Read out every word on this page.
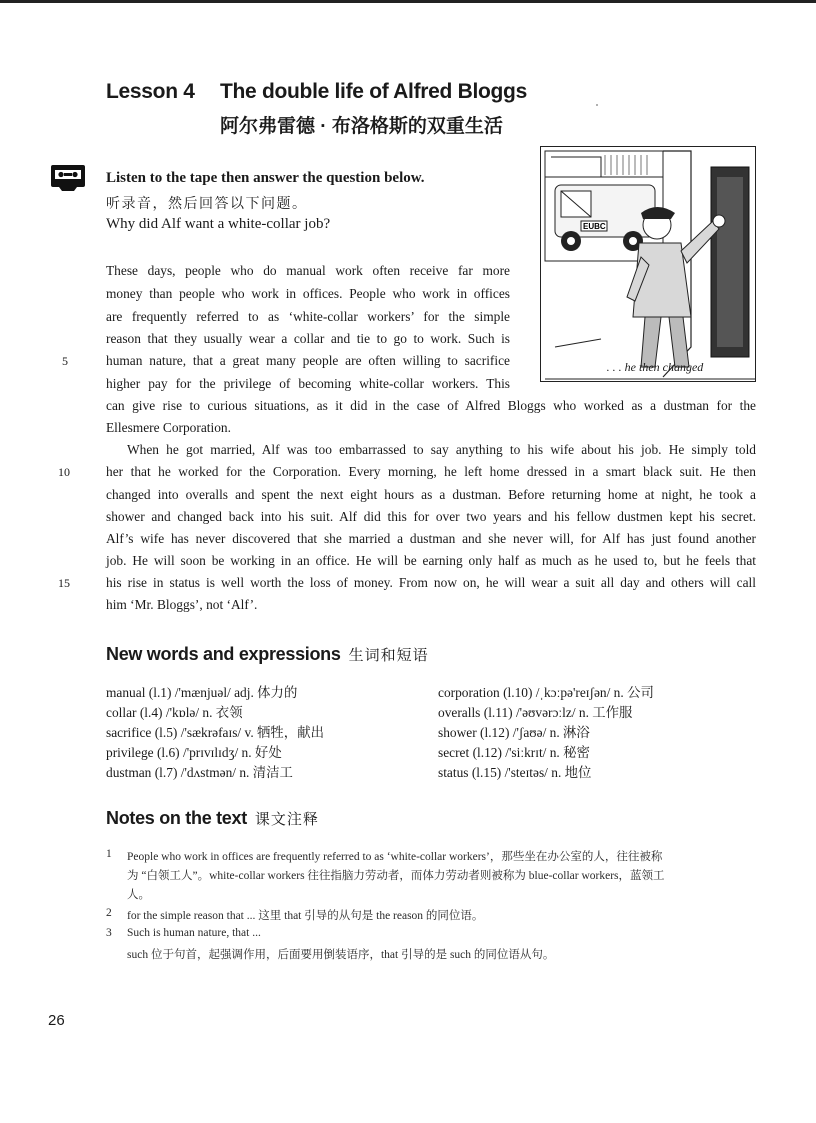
Lesson 4 The double life of Alfred Bloggs
阿尔弗雷德 · 布洛格斯的双重生活
Listen to the tape then answer the question below.
听录音，然后回答以下问题。
Why did Alf want a white-collar job?	EUBC
. . . he then changed
These days, people who do manual work often receive far more
money than people who work in offices. People who work in offices
are frequently referred to as ‘white-collar workers’ for the simple
reason that they usually wear a collar and tie to go to work. Such is
5	human nature, that a great many people are often willing to sacrifice
higher pay for the privilege of becoming white-collar workers. This
can give rise to curious situations, as it did in the case of Alfred Bloggs who worked as a dustman for the
Ellesmere Corporation.
When he got married, Alf was too embarrassed to say anything to his wife about his job. He simply told
10	her that he worked for the Corporation. Every morning, he left home dressed in a smart black suit. He then
changed into overalls and spent the next eight hours as a dustman. Before returning home at night, he took a
shower and changed back into his suit. Alf did this for over two years and his fellow dustmen kept his secret.
Alf’s wife has never discovered that she married a dustman and she never will, for Alf has just found another
job. He will soon be working in an office. He will be earning only half as much as he used to, but he feels that
15	his rise in status is well worth the loss of money. From now on, he will wear a suit all day and others will call
him ‘Mr. Bloggs’, not ‘Alf’.
New words and expressions 生词和短语
manual (l.1) /'mænjuəl/ adj. 体力的
collar (l.4) /'kɒlə/ n. 衣领
sacrifice (l.5) /'sækrəfaɪs/ v. 牺牲，献出
privilege (l.6) /'prɪvɪlɪdʒ/ n. 好处
dustman (l.7) /'dʌstmən/ n. 清洁工
corporation (l.10) /ˌkɔːpə'reɪʃən/ n. 公司
overalls (l.11) /'əʊvərɔːlz/ n. 工作服
shower (l.12) /'ʃaʊə/ n. 淋浴
secret (l.12) /'siːkrɪt/ n. 秘密
status (l.15) /'steɪtəs/ n. 地位
Notes on the text 课文注释
1 People who work in offices are frequently referred to as ‘white-collar workers’，那些坐在办公室的人，往往被称
为 “白领工人”。white-collar workers 往往指脑力劳动者，而体力劳动者则被称为 blue-collar workers，蓝领工
人。
2 for the simple reason that ... 这里 that 引导的从句是 the reason 的同位语。
3 Such is human nature, that ...
such 位于句首，起强调作用，后面要用倒装语序，that 引导的是 such 的同位语从句。
26
